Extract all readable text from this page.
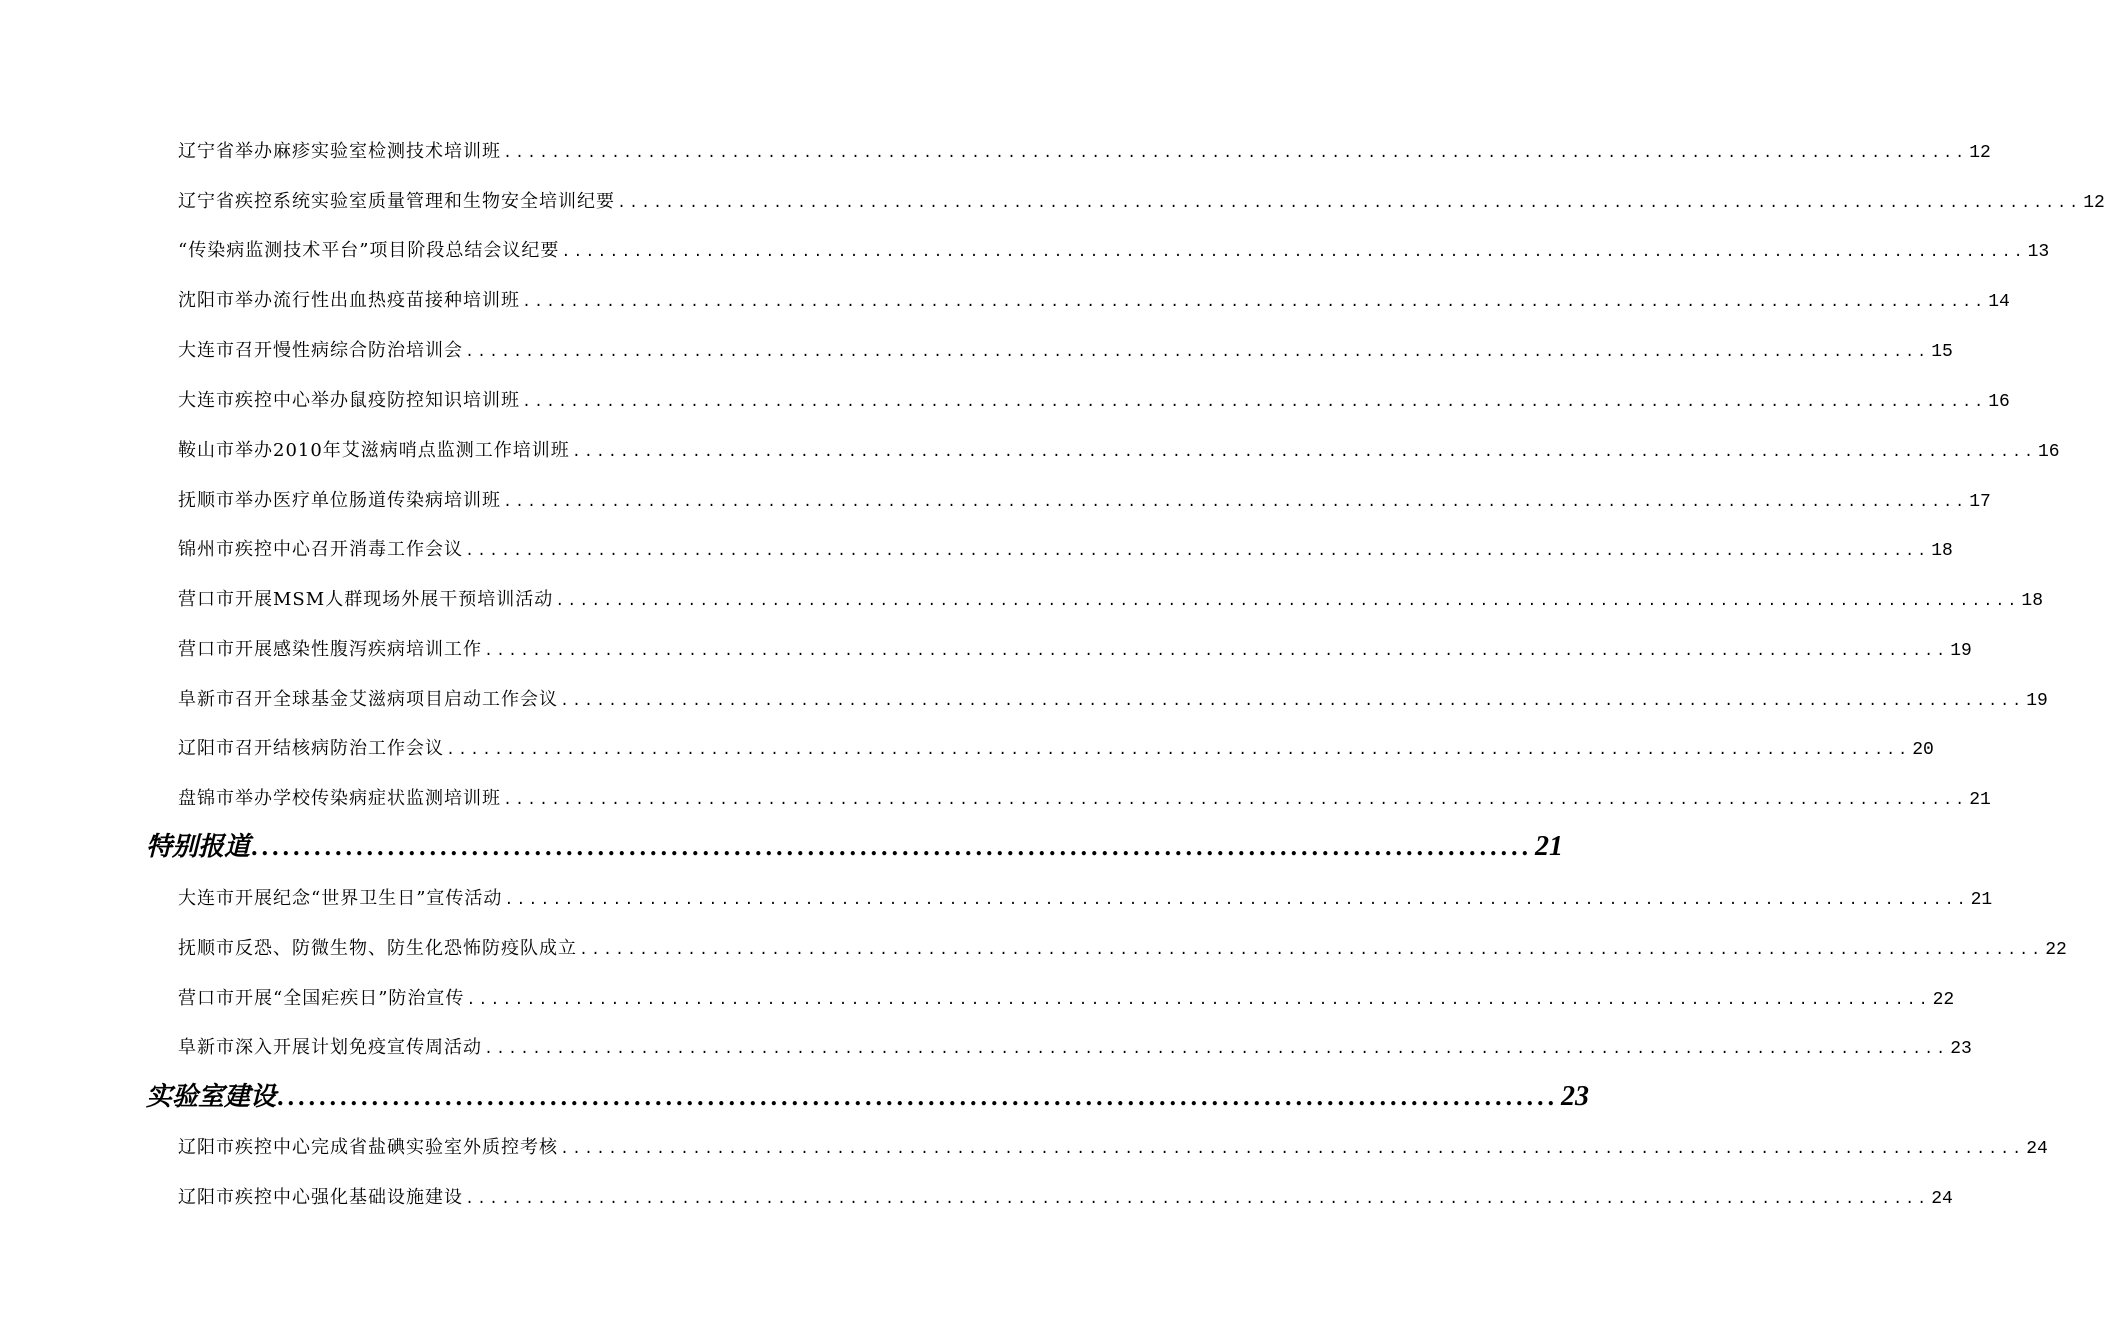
辽宁省举办麻疹实验室检测技术培训班 .......................................................................................................................... 12
辽宁省疾控系统实验室质量管理和生物安全培训纪要 .......................................................................................................................... 12
“传染病监测技术平台”项目阶段总结会议纪要 .......................................................................................................................... 13
沈阳市举办流行性出血热疫苗接种培训班 .......................................................................................................................... 14
大连市召开慢性病综合防治培训会 .......................................................................................................................... 15
大连市疾控中心举办鼠疫防控知识培训班 .......................................................................................................................... 16
鞍山市举办2010年艾滋病哨点监测工作培训班 .......................................................................................................................... 16
抚顺市举办医疗单位肠道传染病培训班 .......................................................................................................................... 17
锦州市疾控中心召开消毒工作会议 .......................................................................................................................... 18
营口市开展MSM人群现场外展干预培训活动 .......................................................................................................................... 18
营口市开展感染性腹泻疾病培训工作 .......................................................................................................................... 19
阜新市召开全球基金艾滋病项目启动工作会议 .......................................................................................................................... 19
辽阳市召开结核病防治工作会议 .......................................................................................................................... 20
盘锦市举办学校传染病症状监测培训班 .......................................................................................................................... 21
特别报道 .......................................................................................................................... 21
大连市开展纪念“世界卫生日”宣传活动 .......................................................................................................................... 21
抚顺市反恐、防微生物、防生化恐怖防疫队成立 .......................................................................................................................... 22
营口市开展“全国疟疾日”防治宣传 .......................................................................................................................... 22
阜新市深入开展计划免疫宣传周活动 .......................................................................................................................... 23
实验室建设 .......................................................................................................................... 23
辽阳市疾控中心完成省盐碘实验室外质控考核 .......................................................................................................................... 24
辽阳市疾控中心强化基础设施建设 .......................................................................................................................... 24
